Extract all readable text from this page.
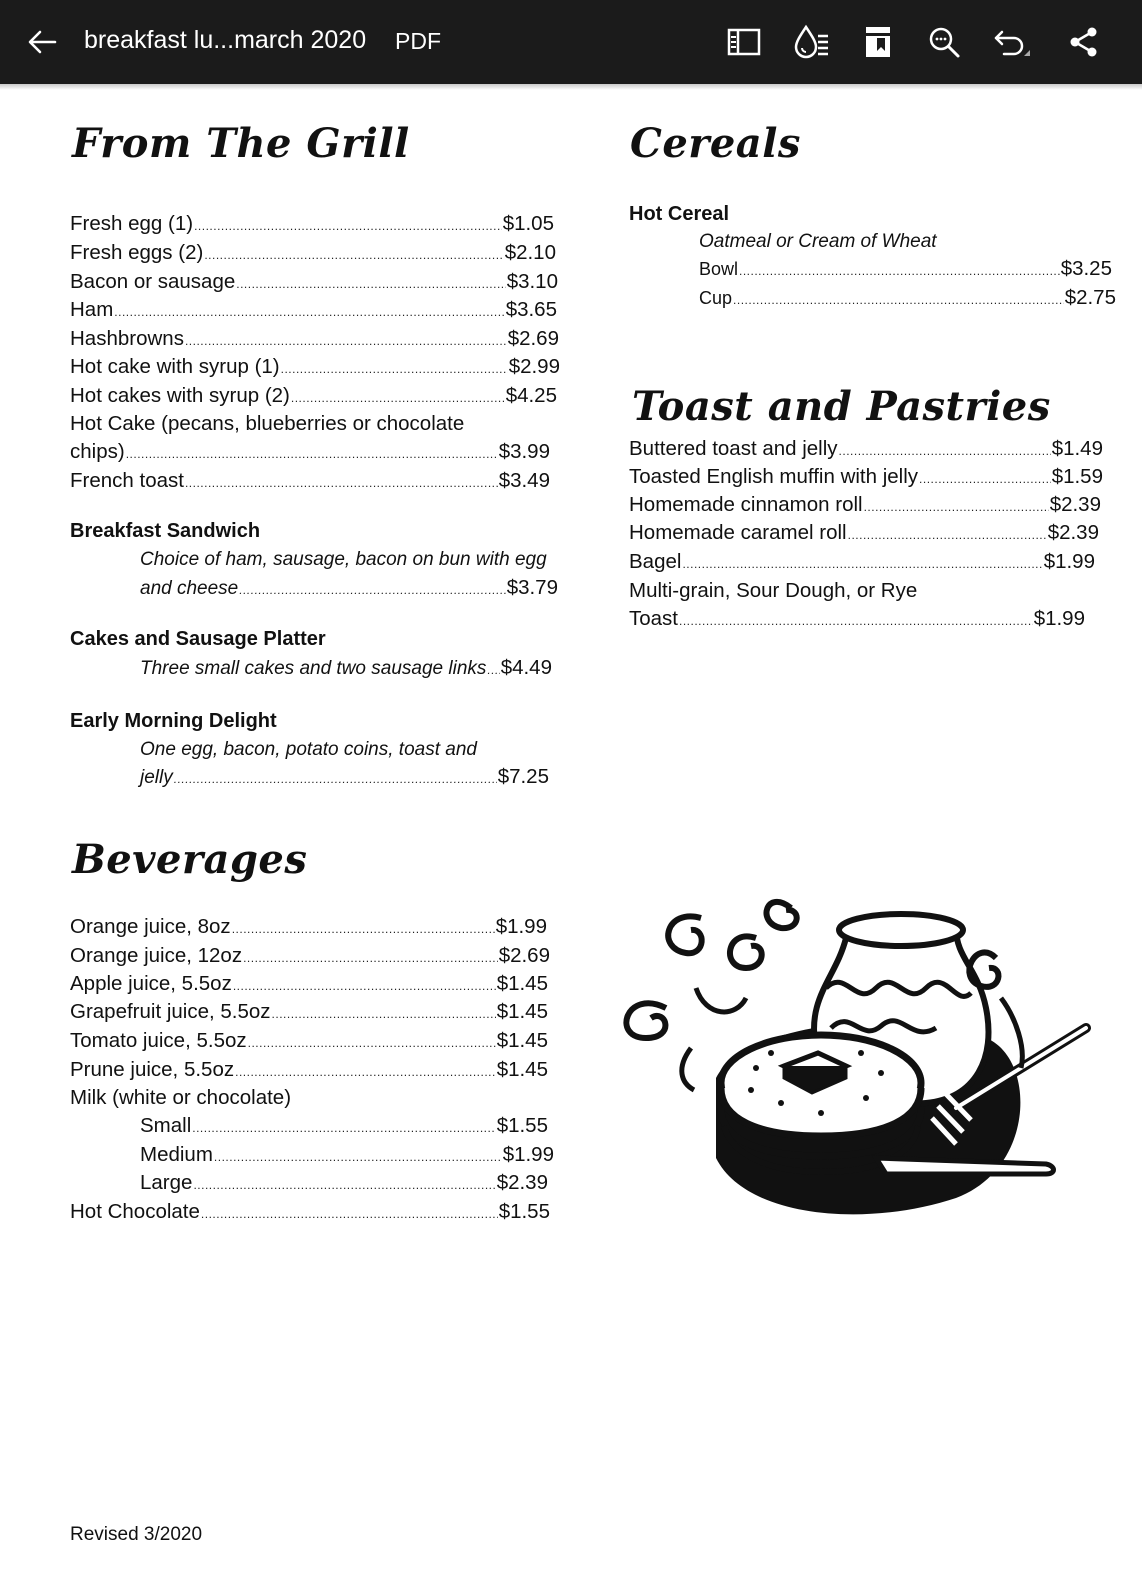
breakfast lu...march 2020 PDF
From The Grill
Fresh egg (1) .....	$1.05
Fresh eggs (2) .....	$2.10
Bacon or sausage .....	$3.10
Ham .....	$3.65
Hashbrowns .....	$2.69
Hot cake with syrup (1) .....	$2.99
Hot cakes with syrup (2) .....	$4.25
Hot Cake (pecans, blueberries or chocolate
chips) .....	$3.99
French toast .....	$3.49
Breakfast Sandwich
Choice of ham, sausage, bacon on bun with egg
and cheese .....	$3.79
Cakes and Sausage Platter
Three small cakes and two sausage links ..... $4.49
Early Morning Delight
One egg, bacon, potato coins, toast and
jelly .....	$7.25
Beverages
Orange juice, 8oz .....	$1.99
Orange juice, 12oz .....	$2.69
Apple juice, 5.5oz .....	$1.45
Grapefruit juice, 5.5oz .....	$1.45
Tomato juice, 5.5oz .....	$1.45
Prune juice, 5.5oz .....	$1.45
Milk (white or chocolate)
Small .....	$1.55
Medium .....	$1.99
Large .....	$2.39
Hot Chocolate .....	$1.55
Cereals
Hot Cereal
Oatmeal or Cream of Wheat
Bowl .....	$3.25
Cup .....	$2.75
Toast and Pastries
Buttered toast and jelly .....	$1.49
Toasted English muffin with jelly .....	$1.59
Homemade cinnamon roll .....	$2.39
Homemade caramel roll .....	$2.39
Bagel .....	$1.99
Multi-grain, Sour Dough, or Rye
Toast .....	$1.99
Revised 3/2020
